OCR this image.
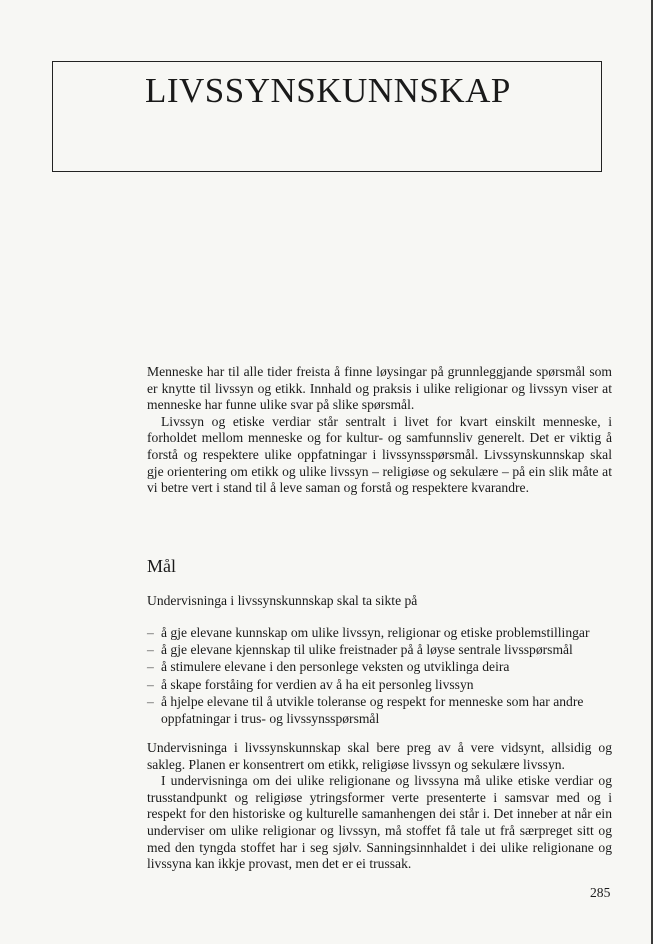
LIVSSYNSKUNNSKAP

Menneske har til alle tider freista å finne løysingar på grunnleggjande spørsmål som er knytte til livssyn og etikk. Innhald og praksis i ulike religionar og livssyn viser at menneske har funne ulike svar på slike spørsmål.

Livssyn og etiske verdiar står sentralt i livet for kvart einskilt menneske, i forholdet mellom menneske og for kultur- og samfunnsliv generelt. Det er viktig å forstå og respektere ulike oppfatningar i livssynsspørsmål. Livssynskunnskap skal gje orientering om etikk og ulike livssyn – religiøse og sekulære – på ein slik måte at vi betre vert i stand til å leve saman og forstå og respektere kvarandre.

Mål
Undervisninga i livssynskunnskap skal ta sikte på
– å gje elevane kunnskap om ulike livssyn, religionar og etiske problemstillingar
– å gje elevane kjennskap til ulike freistnader på å løyse sentrale livsspørsmål
– å stimulere elevane i den personlege veksten og utviklinga deira
– å skape forståing for verdien av å ha eit personleg livssyn
– å hjelpe elevane til å utvikle toleranse og respekt for menneske som har andre oppfatningar i trus- og livssynsspørsmål

Undervisninga i livssynskunnskap skal bere preg av å vere vidsynt, allsidig og sakleg. Planen er konsentrert om etikk, religiøse livssyn og sekulære livssyn.

I undervisninga om dei ulike religionane og livssyna må ulike etiske verdiar og trusstandpunkt og religiøse ytringsformer verte presenterte i samsvar med og i respekt for den historiske og kulturelle samanhengen dei står i. Det inneber at når ein underviser om ulike religionar og livssyn, må stoffet få tale ut frå særpreget sitt og med den tyngda stoffet har i seg sjølv. Sanningsinnhaldet i dei ulike religionane og livssyna kan ikkje provast, men det er ei trussak.

285
